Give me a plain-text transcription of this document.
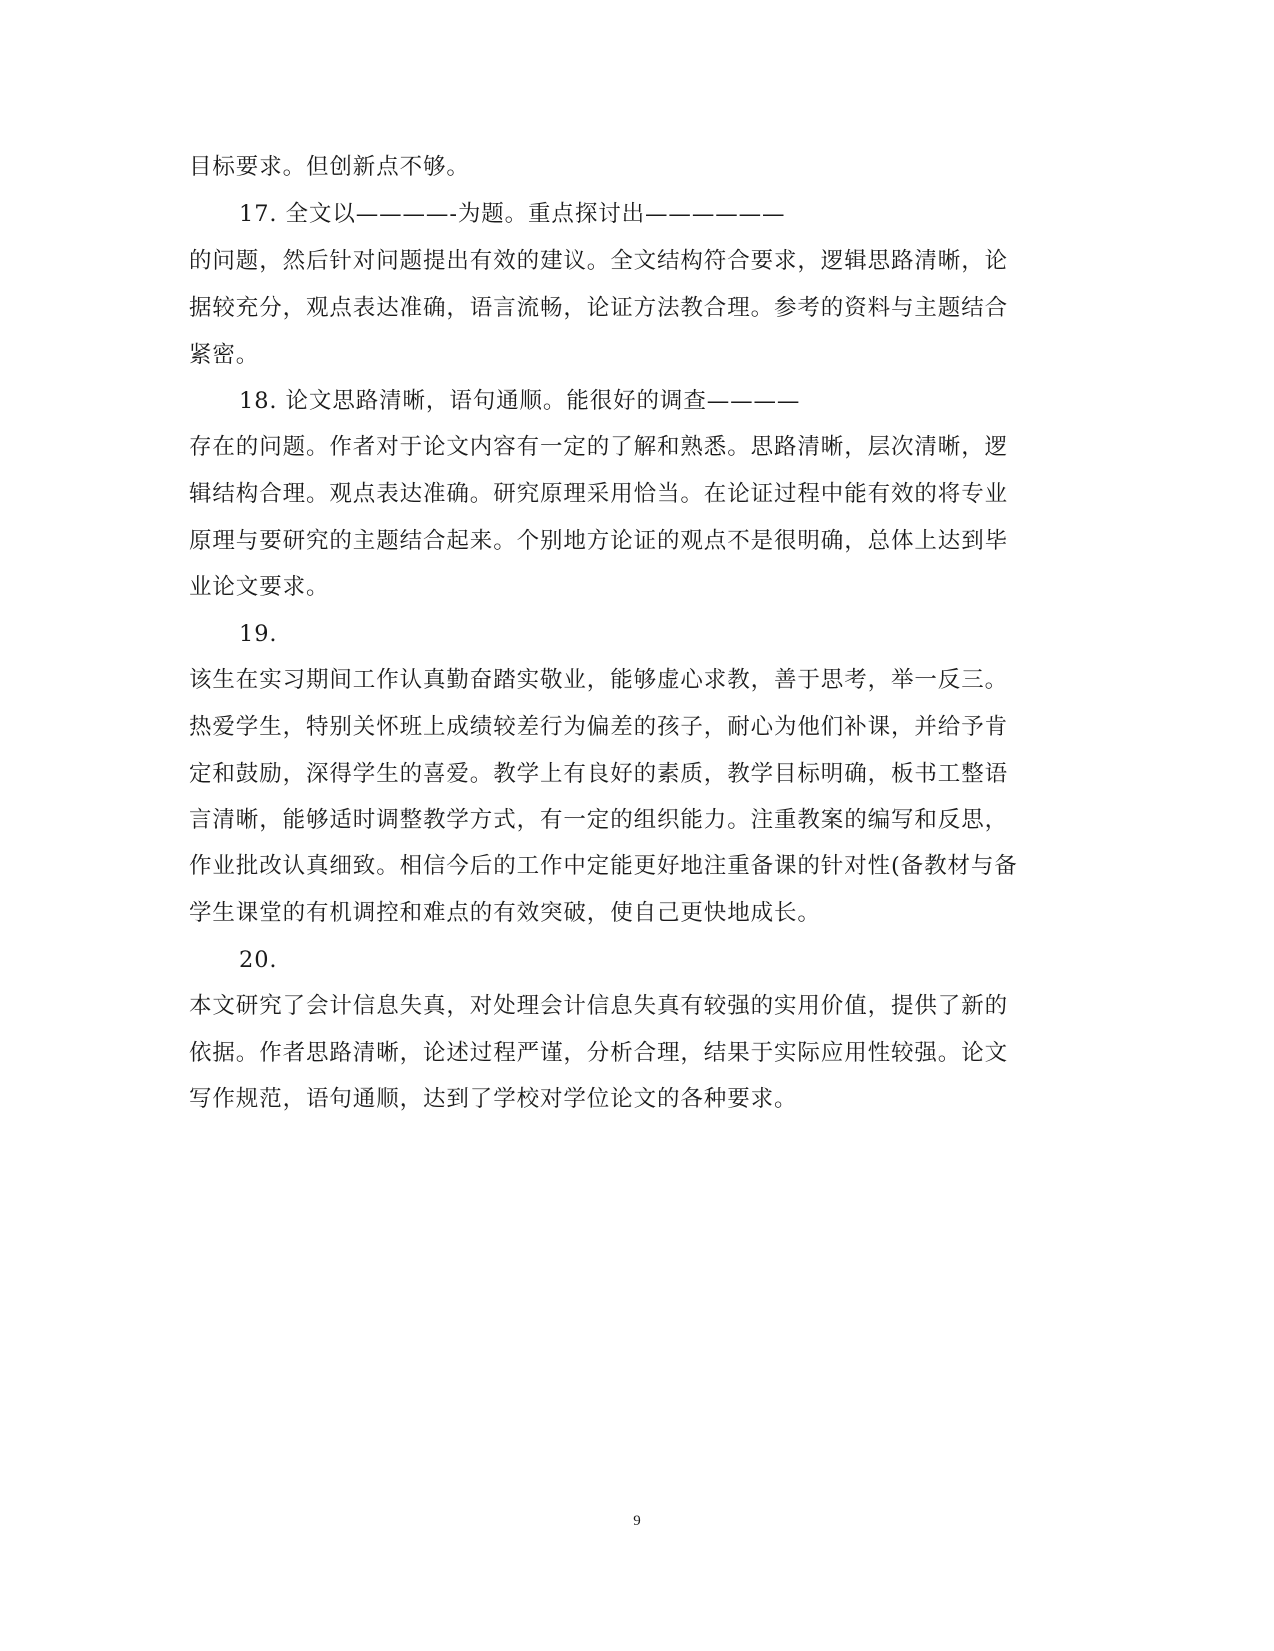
目标要求。但创新点不够。
17. 全文以————-为题。重点探讨出——————
的问题，然后针对问题提出有效的建议。全文结构符合要求，逻辑思路清晰，论
据较充分，观点表达准确，语言流畅，论证方法教合理。参考的资料与主题结合
紧密。
18. 论文思路清晰，语句通顺。能很好的调查————
存在的问题。作者对于论文内容有一定的了解和熟悉。思路清晰，层次清晰，逻
辑结构合理。观点表达准确。研究原理采用恰当。在论证过程中能有效的将专业
原理与要研究的主题结合起来。个别地方论证的观点不是很明确，总体上达到毕
业论文要求。
19.
该生在实习期间工作认真勤奋踏实敬业，能够虚心求教，善于思考，举一反三。
热爱学生，特别关怀班上成绩较差行为偏差的孩子，耐心为他们补课，并给予肯
定和鼓励，深得学生的喜爱。教学上有良好的素质，教学目标明确，板书工整语
言清晰，能够适时调整教学方式，有一定的组织能力。注重教案的编写和反思，
作业批改认真细致。相信今后的工作中定能更好地注重备课的针对性(备教材与备
学生课堂的有机调控和难点的有效突破，使自己更快地成长。
20.
本文研究了会计信息失真，对处理会计信息失真有较强的实用价值，提供了新的
依据。作者思路清晰，论述过程严谨，分析合理，结果于实际应用性较强。论文
写作规范，语句通顺，达到了学校对学位论文的各种要求。
9
